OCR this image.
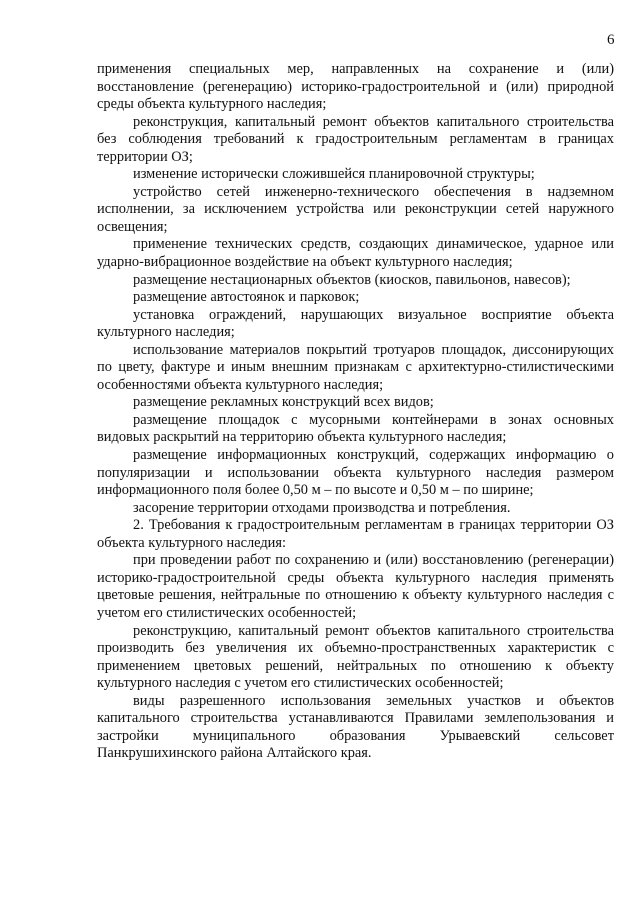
6

применения специальных мер, направленных на сохранение и (или) восстановление (регенерацию) историко-градостроительной и (или) природной среды объекта культурного наследия;

реконструкция, капитальный ремонт объектов капитального строительства без соблюдения требований к градостроительным регламентам в границах территории ОЗ;

изменение исторически сложившейся планировочной структуры;

устройство сетей инженерно-технического обеспечения в надземном исполнении, за исключением устройства или реконструкции сетей наружного освещения;

применение технических средств, создающих динамическое, ударное или ударно-вибрационное воздействие на объект культурного наследия;

размещение нестационарных объектов (киосков, павильонов, навесов);

размещение автостоянок и парковок;

установка ограждений, нарушающих визуальное восприятие объекта культурного наследия;

использование материалов покрытий тротуаров площадок, диссонирующих по цвету, фактуре и иным внешним признакам с архитектурно-стилистическими особенностями объекта культурного наследия;

размещение рекламных конструкций всех видов;

размещение площадок с мусорными контейнерами в зонах основных видовых раскрытий на территорию объекта культурного наследия;

размещение информационных конструкций, содержащих информацию о популяризации и использовании объекта культурного наследия размером информационного поля более 0,50 м – по высоте и 0,50 м – по ширине;

засорение территории отходами производства и потребления.

2. Требования к градостроительным регламентам в границах территории ОЗ объекта культурного наследия:

при проведении работ по сохранению и (или) восстановлению (регенерации) историко-градостроительной среды объекта культурного наследия применять цветовые решения, нейтральные по отношению к объекту культурного наследия с учетом его стилистических особенностей;

реконструкцию, капитальный ремонт объектов капитального строительства производить без увеличения их объемно-пространственных характеристик с применением цветовых решений, нейтральных по отношению к объекту культурного наследия с учетом его стилистических особенностей;

виды разрешенного использования земельных участков и объектов капитального строительства устанавливаются Правилами землепользования и застройки муниципального образования Урываевский сельсовет Панкрушихинского района Алтайского края.
